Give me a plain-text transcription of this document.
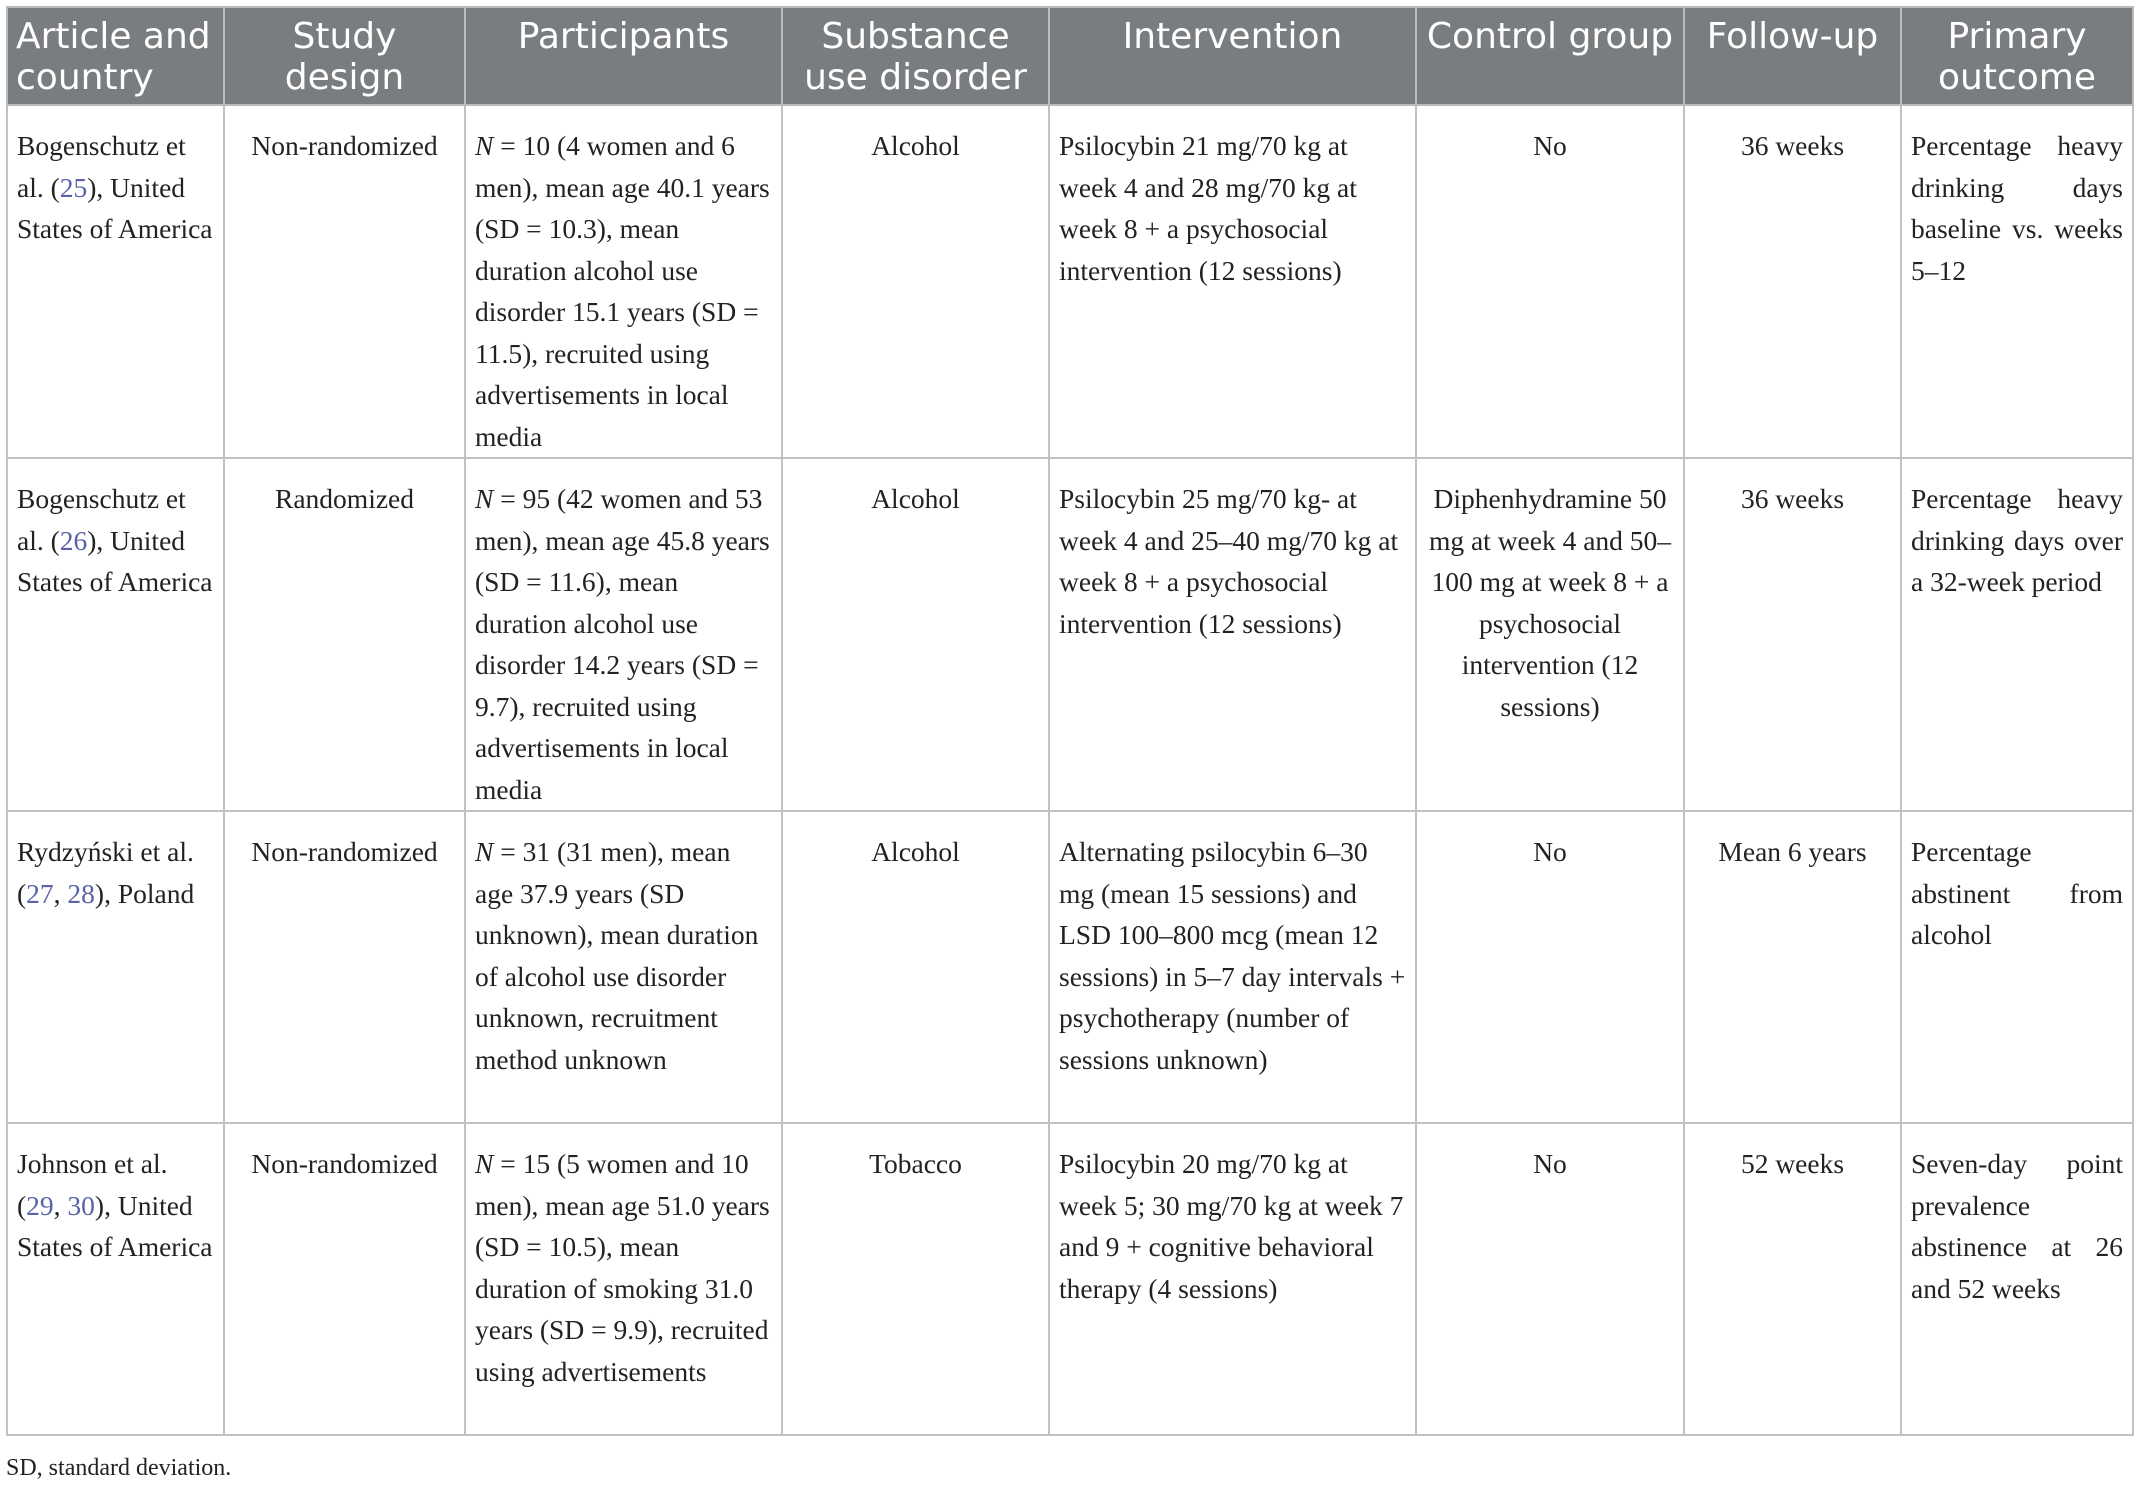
Article and country	Study design	Participants	Substance use disorder	Intervention	Control group	Follow-up	Primary outcome
Bogenschutz et al. (25), United States of America	Non-randomized	N = 10 (4 women and 6 men), mean age 40.1 years (SD = 10.3), mean duration alcohol use disorder 15.1 years (SD = 11.5), recruited using advertisements in local media	Alcohol	Psilocybin 21 mg/70 kg at week 4 and 28 mg/70 kg at week 8 + a psychosocial intervention (12 sessions)	No	36 weeks	Percentage heavy drinking days baseline vs. weeks 5–12
Bogenschutz et al. (26), United States of America	Randomized	N = 95 (42 women and 53 men), mean age 45.8 years (SD = 11.6), mean duration alcohol use disorder 14.2 years (SD = 9.7), recruited using advertisements in local media	Alcohol	Psilocybin 25 mg/70 kg- at week 4 and 25–40 mg/70 kg at week 8 + a psychosocial intervention (12 sessions)	Diphenhydramine 50 mg at week 4 and 50–100 mg at week 8 + a psychosocial intervention (12 sessions)	36 weeks	Percentage heavy drinking days over a 32-week period
Rydzyński et al. (27, 28), Poland	Non-randomized	N = 31 (31 men), mean age 37.9 years (SD unknown), mean duration of alcohol use disorder unknown, recruitment method unknown	Alcohol	Alternating psilocybin 6–30 mg (mean 15 sessions) and LSD 100–800 mcg (mean 12 sessions) in 5–7 day intervals + psychotherapy (number of sessions unknown)	No	Mean 6 years	Percentage abstinent from alcohol
Johnson et al. (29, 30), United States of America	Non-randomized	N = 15 (5 women and 10 men), mean age 51.0 years (SD = 10.5), mean duration of smoking 31.0 years (SD = 9.9), recruited using advertisements	Tobacco	Psilocybin 20 mg/70 kg at week 5; 30 mg/70 kg at week 7 and 9 + cognitive behavioral therapy (4 sessions)	No	52 weeks	Seven-day point prevalence abstinence at 26 and 52 weeks
SD, standard deviation.
